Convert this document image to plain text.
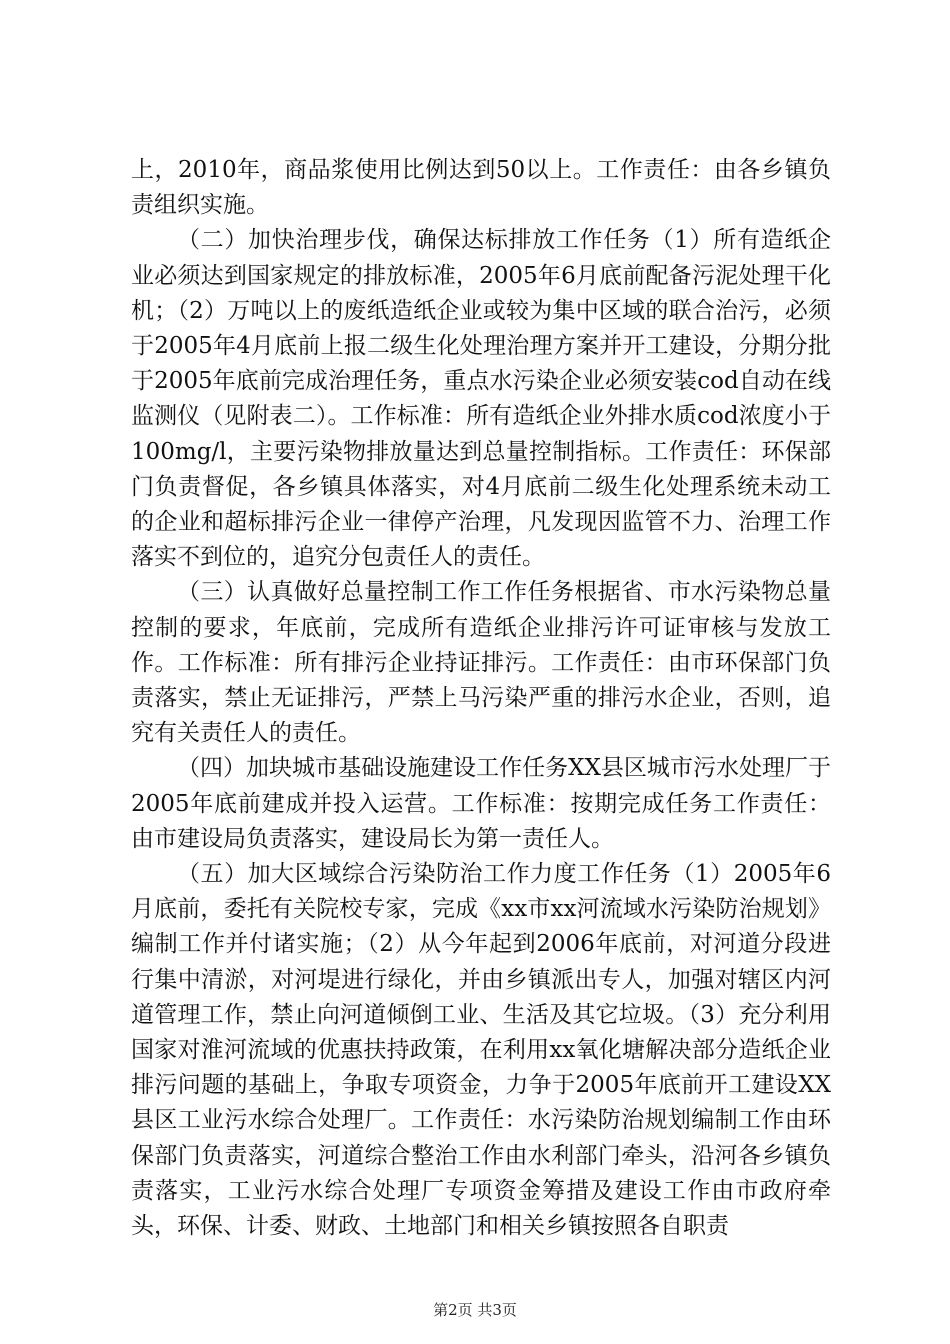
上，2010年，商品浆使用比例达到50以上。工作责任：由各乡镇负责组织实施。

（二）加快治理步伐，确保达标排放工作任务（1）所有造纸企业必须达到国家规定的排放标准，2005年6月底前配备污泥处理干化机；（2）万吨以上的废纸造纸企业或较为集中区域的联合治污，必须于2005年4月底前上报二级生化处理治理方案并开工建设，分期分批于2005年底前完成治理任务，重点水污染企业必须安装cod自动在线监测仪（见附表二）。工作标准：所有造纸企业外排水质cod浓度小于100mg/l，主要污染物排放量达到总量控制指标。工作责任：环保部门负责督促，各乡镇具体落实，对4月底前二级生化处理系统未动工的企业和超标排污企业一律停产治理，凡发现因监管不力、治理工作落实不到位的，追究分包责任人的责任。

（三）认真做好总量控制工作工作任务根据省、市水污染物总量控制的要求，年底前，完成所有造纸企业排污许可证审核与发放工作。工作标准：所有排污企业持证排污。工作责任：由市环保部门负责落实，禁止无证排污，严禁上马污染严重的排污水企业，否则，追究有关责任人的责任。

（四）加块城市基础设施建设工作任务XX县区城市污水处理厂于2005年底前建成并投入运营。工作标准：按期完成任务工作责任：由市建设局负责落实，建设局长为第一责任人。

（五）加大区域综合污染防治工作力度工作任务（1）2005年6月底前，委托有关院校专家，完成《xx市xx河流域水污染防治规划》编制工作并付诸实施；（2）从今年起到2006年底前，对河道分段进行集中清淤，对河堤进行绿化，并由乡镇派出专人，加强对辖区内河道管理工作，禁止向河道倾倒工业、生活及其它垃圾。（3）充分利用国家对淮河流域的优惠扶持政策，在利用xx氧化塘解决部分造纸企业排污问题的基础上，争取专项资金，力争于2005年底前开工建设XX县区工业污水综合处理厂。工作责任：水污染防治规划编制工作由环保部门负责落实，河道综合整治工作由水利部门牵头，沿河各乡镇负责落实，工业污水综合处理厂专项资金筹措及建设工作由市政府牵头，环保、计委、财政、土地部门和相关乡镇按照各自职责

第2页 共3页
